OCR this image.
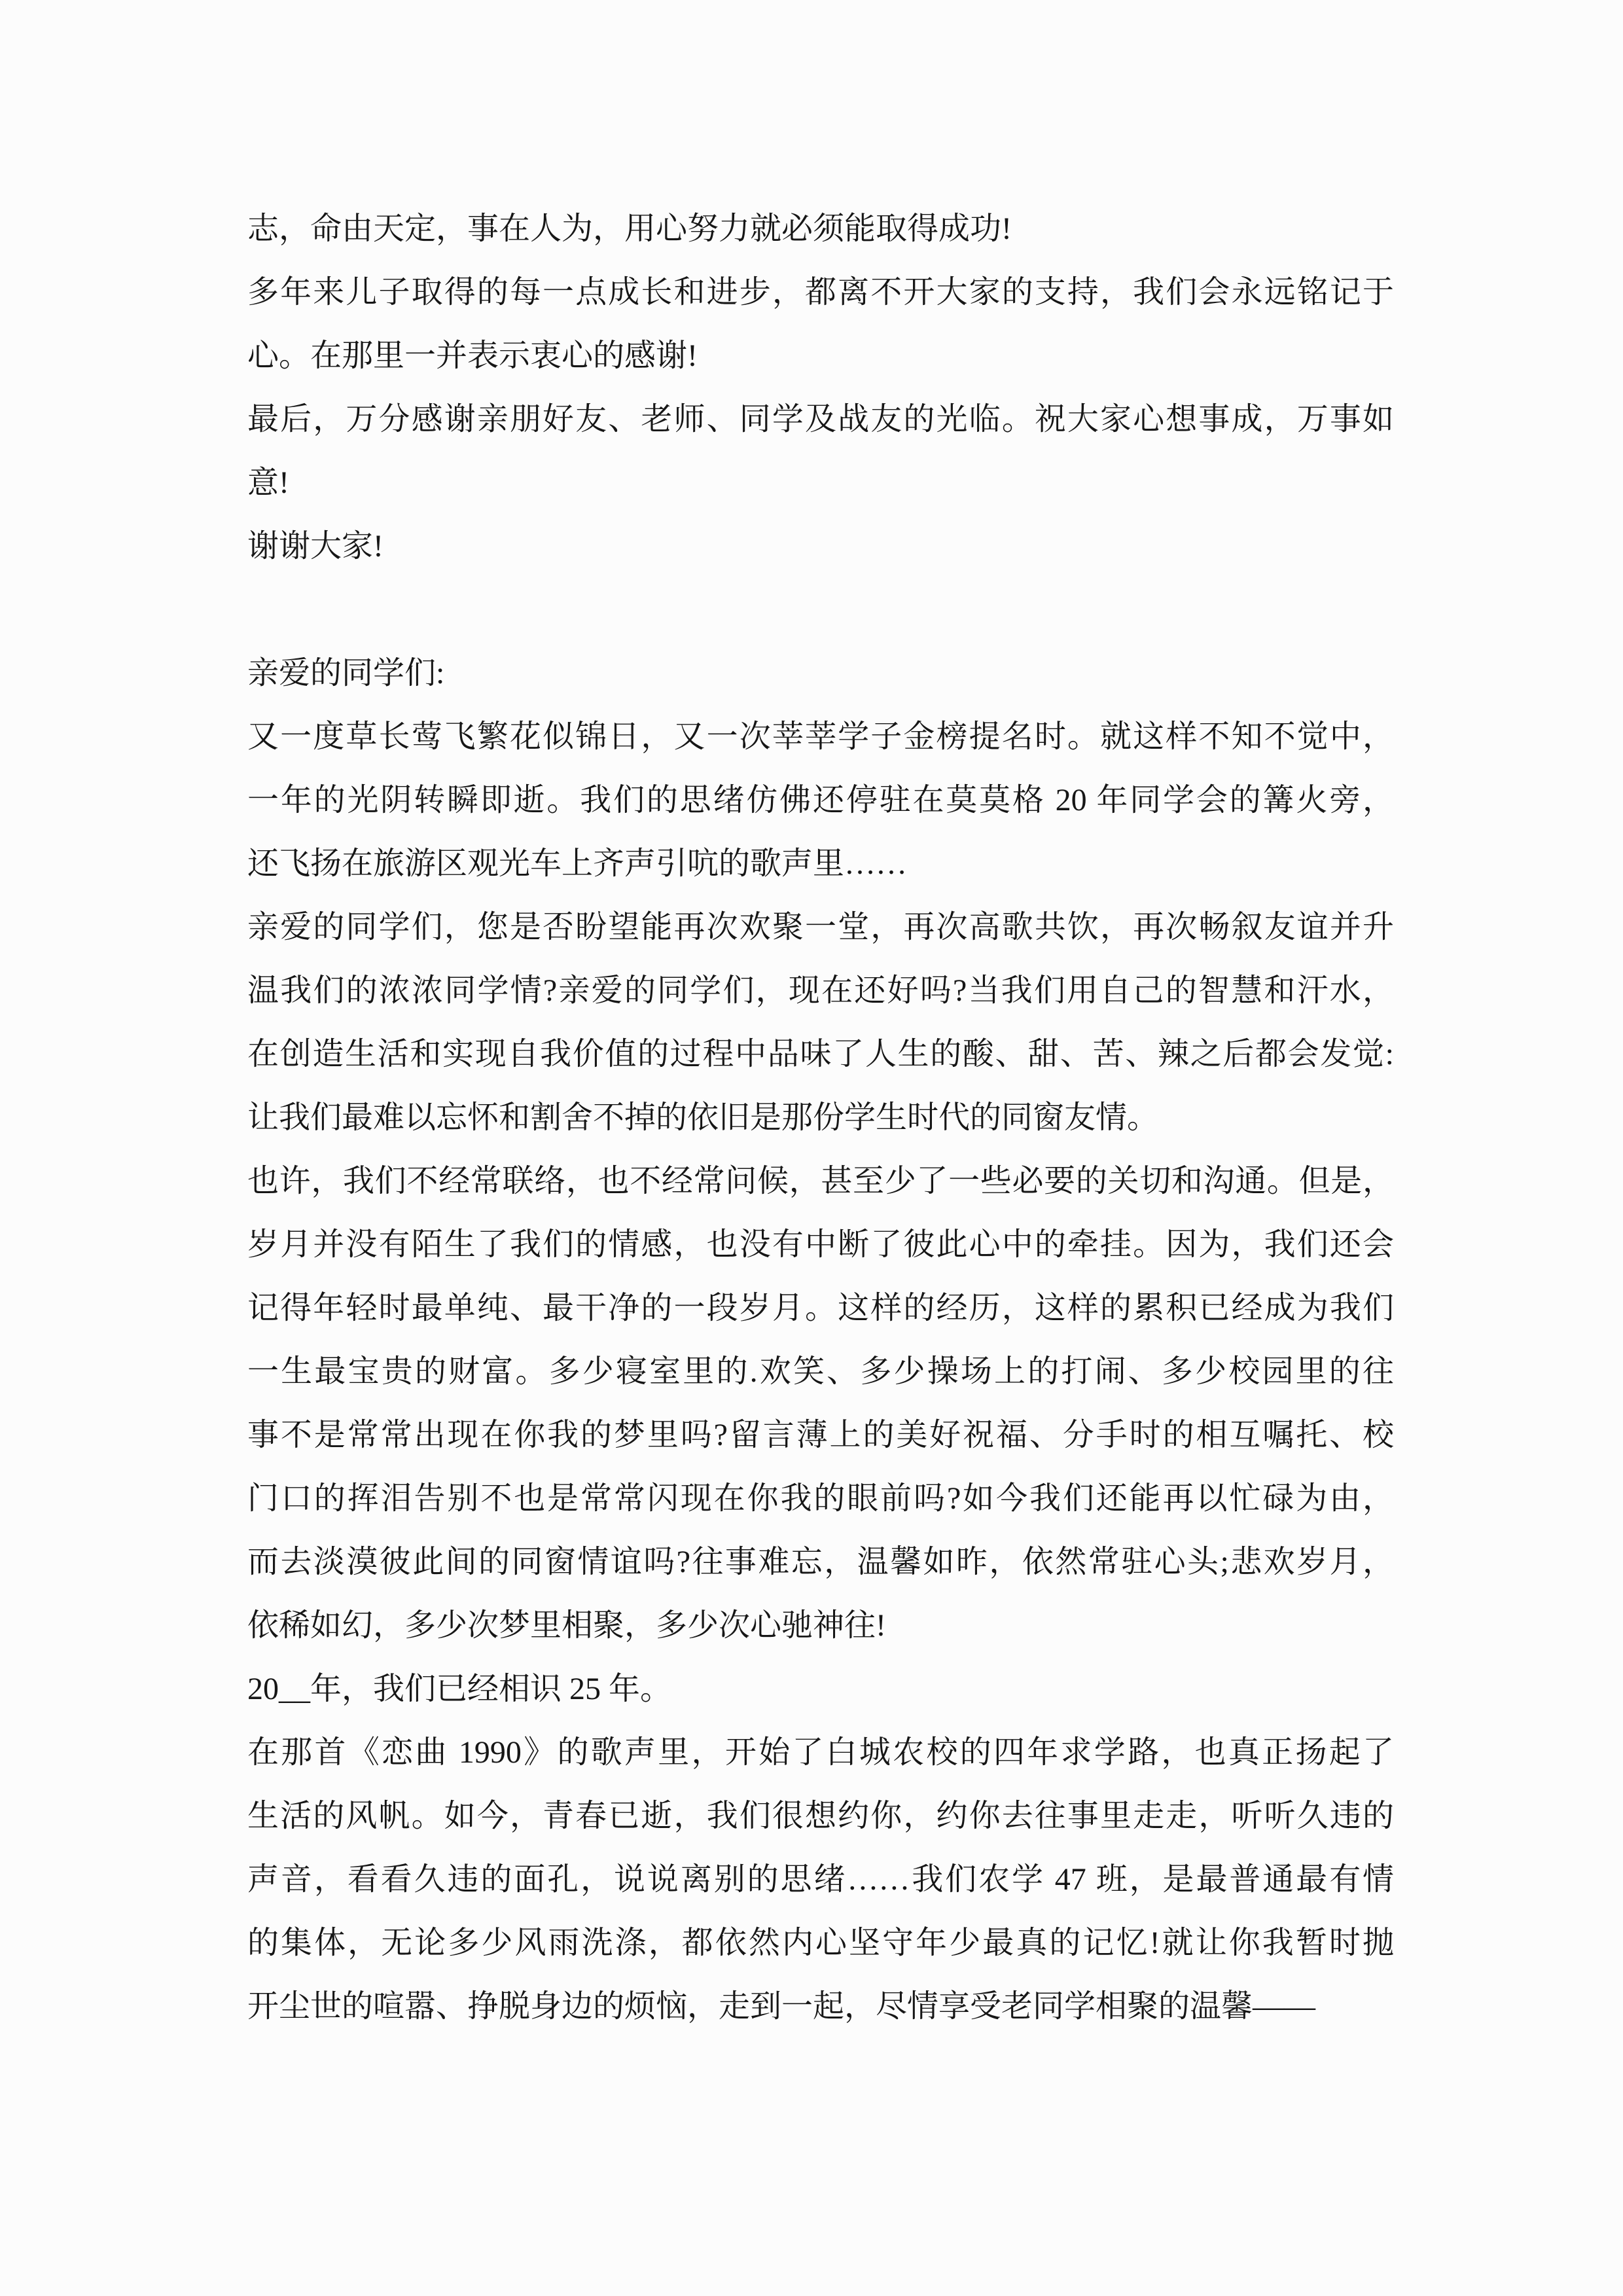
志，命由天定，事在人为，用心努力就必须能取得成功!
多年来儿子取得的每一点成长和进步，都离不开大家的支持，我们会永远铭记于
心。在那里一并表示衷心的感谢!
最后，万分感谢亲朋好友、老师、同学及战友的光临。祝大家心想事成，万事如
意!
谢谢大家!

亲爱的同学们:
又一度草长莺飞繁花似锦日，又一次莘莘学子金榜提名时。就这样不知不觉中，
一年的光阴转瞬即逝。我们的思绪仿佛还停驻在莫莫格 20 年同学会的篝火旁，
还飞扬在旅游区观光车上齐声引吭的歌声里……
亲爱的同学们，您是否盼望能再次欢聚一堂，再次高歌共饮，再次畅叙友谊并升
温我们的浓浓同学情?亲爱的同学们，现在还好吗?当我们用自己的智慧和汗水，
在创造生活和实现自我价值的过程中品味了人生的酸、甜、苦、辣之后都会发觉:
让我们最难以忘怀和割舍不掉的依旧是那份学生时代的同窗友情。
也许，我们不经常联络，也不经常问候，甚至少了一些必要的关切和沟通。但是，
岁月并没有陌生了我们的情感，也没有中断了彼此心中的牵挂。因为，我们还会
记得年轻时最单纯、最干净的一段岁月。这样的经历，这样的累积已经成为我们
一生最宝贵的财富。多少寝室里的.欢笑、多少操场上的打闹、多少校园里的往
事不是常常出现在你我的梦里吗?留言薄上的美好祝福、分手时的相互嘱托、校
门口的挥泪告别不也是常常闪现在你我的眼前吗?如今我们还能再以忙碌为由，
而去淡漠彼此间的同窗情谊吗?往事难忘，温馨如昨，依然常驻心头;悲欢岁月，
依稀如幻，多少次梦里相聚，多少次心驰神往!
20__年，我们已经相识 25 年。
在那首《恋曲 1990》的歌声里，开始了白城农校的四年求学路，也真正扬起了
生活的风帆。如今，青春已逝，我们很想约你，约你去往事里走走，听听久违的
声音，看看久违的面孔，说说离别的思绪……我们农学 47 班，是最普通最有情
的集体，无论多少风雨洗涤，都依然内心坚守年少最真的记忆!就让你我暂时抛
开尘世的喧嚣、挣脱身边的烦恼，走到一起，尽情享受老同学相聚的温馨——
